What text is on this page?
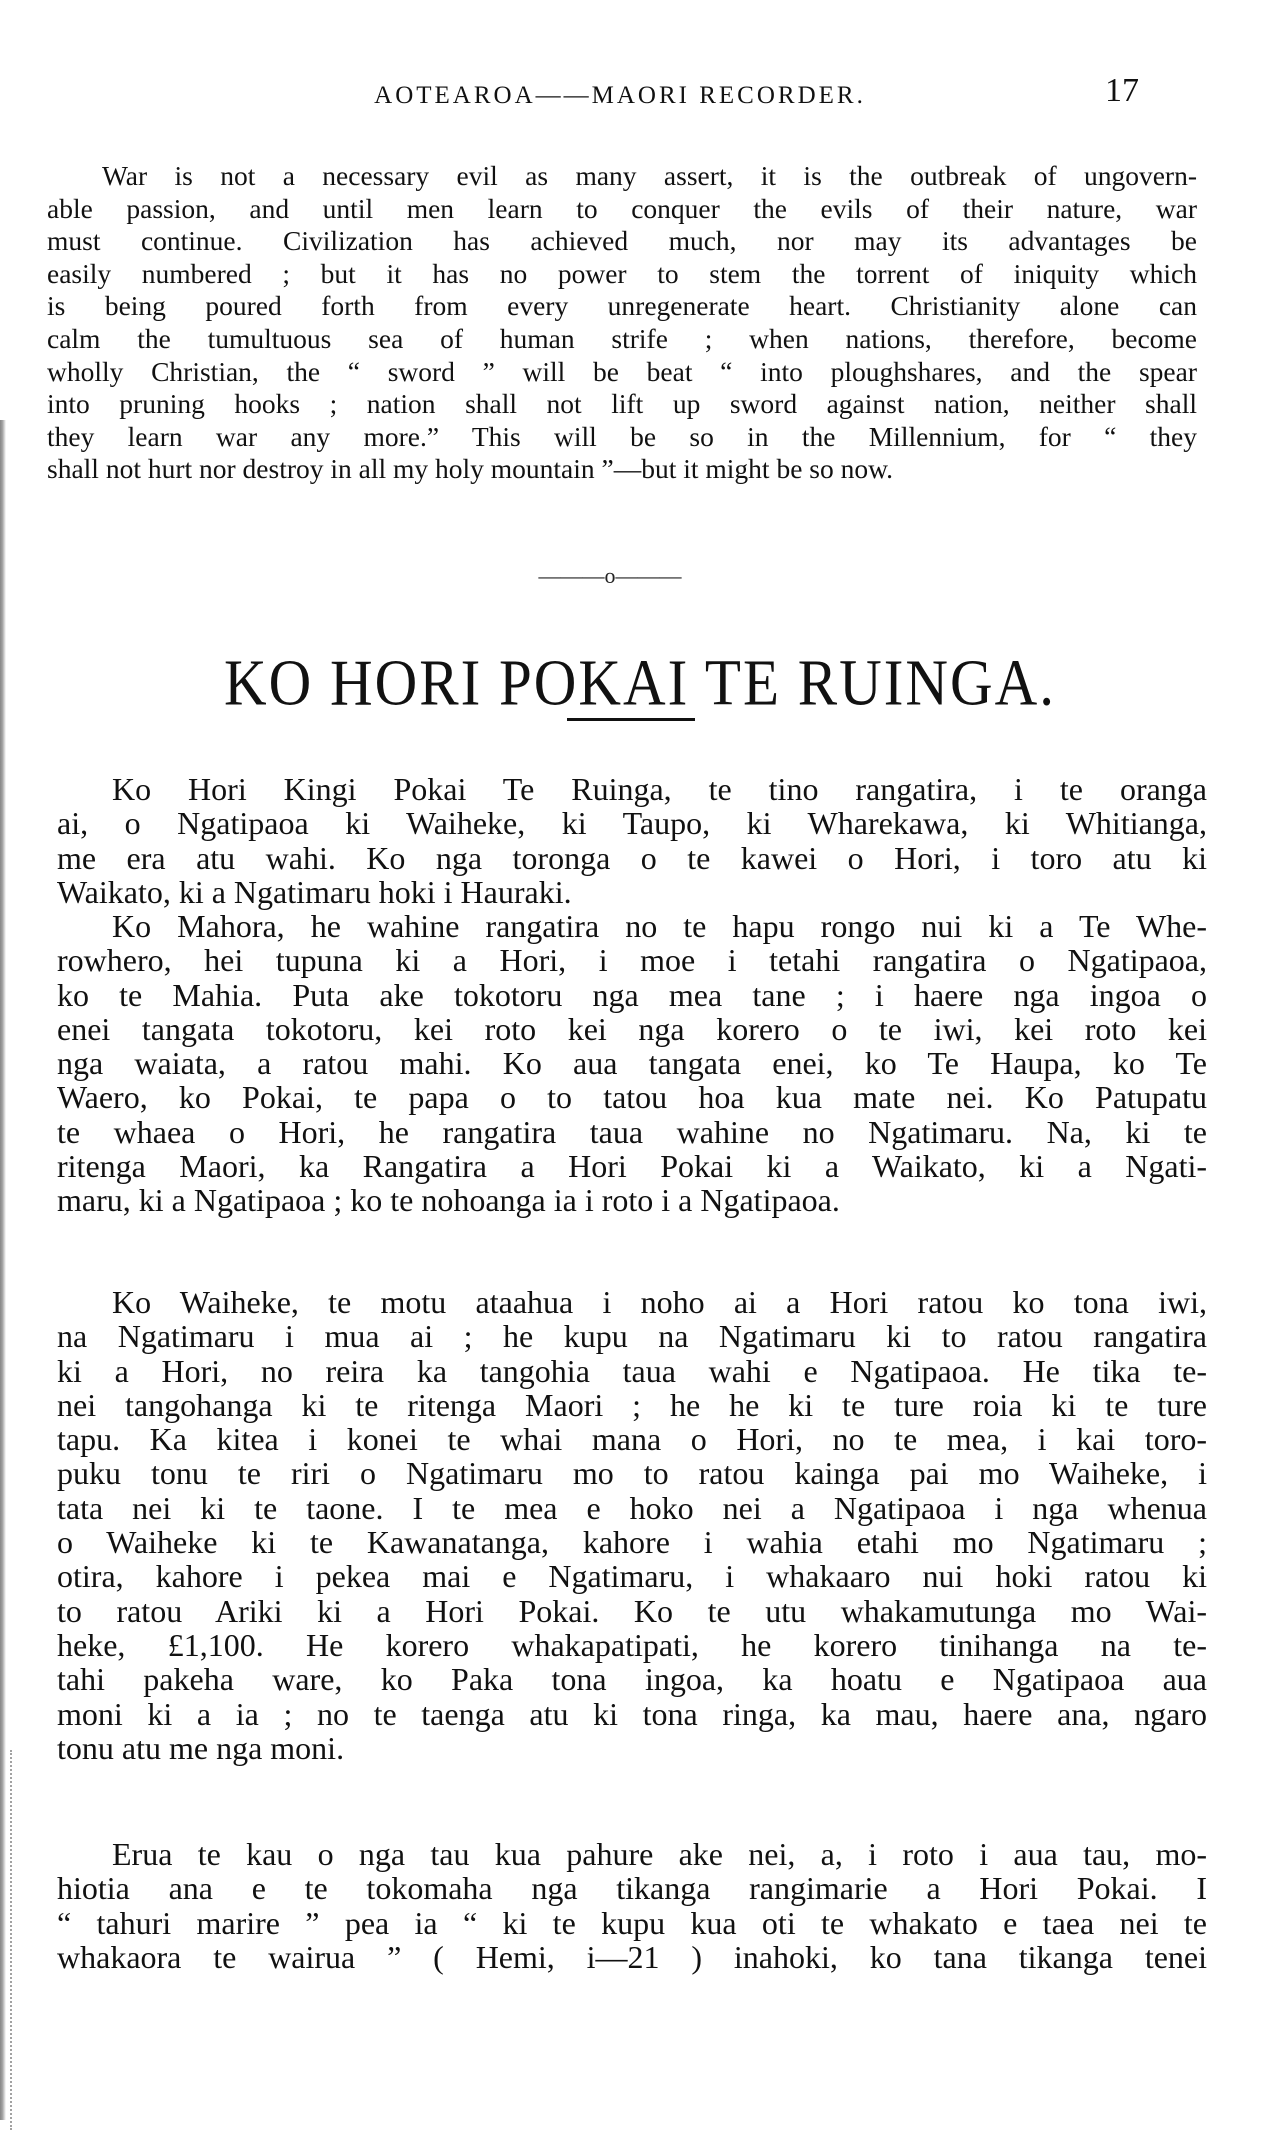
AOTEAROA——MAORI RECORDER.	17

War is not a necessary evil as many assert, it is the outbreak of ungovern-
able passion, and until men learn to conquer the evils of their nature, war
must continue. Civilization has achieved much, nor may its advantages be
easily numbered ; but it has no power to stem the torrent of iniquity which
is being poured forth from every unregenerate heart. Christianity alone can
calm the tumultuous sea of human strife ; when nations, therefore, become
wholly Christian, the “ sword ” will be beat “ into ploughshares, and the spear
into pruning hooks ; nation shall not lift up sword against nation, neither shall
they learn war any more.” This will be so in the Millennium, for “ they
shall not hurt nor destroy in all my holy mountain ”—but it might be so now.

———o———
KO HORI POKAI TE RUINGA.

Ko Hori Kingi Pokai Te Ruinga, te tino rangatira, i te oranga
ai, o Ngatipaoa ki Waiheke, ki Taupo, ki Wharekawa, ki Whitianga,
me era atu wahi. Ko nga toronga o te kawei o Hori, i toro atu ki
Waikato, ki a Ngatimaru hoki i Hauraki.

Ko Mahora, he wahine rangatira no te hapu rongo nui ki a Te Whe-
rowhero, hei tupuna ki a Hori, i moe i tetahi rangatira o Ngatipaoa,
ko te Mahia. Puta ake tokotoru nga mea tane ; i haere nga ingoa o
enei tangata tokotoru, kei roto kei nga korero o te iwi, kei roto kei
nga waiata, a ratou mahi. Ko aua tangata enei, ko Te Haupa, ko Te
Waero, ko Pokai, te papa o to tatou hoa kua mate nei. Ko Patupatu
te whaea o Hori, he rangatira taua wahine no Ngatimaru. Na, ki te
ritenga Maori, ka Rangatira a Hori Pokai ki a Waikato, ki a Ngati-
maru, ki a Ngatipaoa ; ko te nohoanga ia i roto i a Ngatipaoa.

Ko Waiheke, te motu ataahua i noho ai a Hori ratou ko tona iwi,
na Ngatimaru i mua ai ; he kupu na Ngatimaru ki to ratou rangatira
ki a Hori, no reira ka tangohia taua wahi e Ngatipaoa. He tika te-
nei tangohanga ki te ritenga Maori ; he he ki te ture roia ki te ture
tapu. Ka kitea i konei te whai mana o Hori, no te mea, i kai toro-
puku tonu te riri o Ngatimaru mo to ratou kainga pai mo Waiheke, i
tata nei ki te taone. I te mea e hoko nei a Ngatipaoa i nga whenua
o Waiheke ki te Kawanatanga, kahore i wahia etahi mo Ngatimaru ;
otira, kahore i pekea mai e Ngatimaru, i whakaaro nui hoki ratou ki
to ratou Ariki ki a Hori Pokai. Ko te utu whakamutunga mo Wai-
heke, £1,100. He korero whakapatipati, he korero tinihanga na te-
tahi pakeha ware, ko Paka tona ingoa, ka hoatu e Ngatipaoa aua
moni ki a ia ; no te taenga atu ki tona ringa, ka mau, haere ana, ngaro
tonu atu me nga moni.

Erua te kau o nga tau kua pahure ake nei, a, i roto i aua tau, mo-
hiotia ana e te tokomaha nga tikanga rangimarie a Hori Pokai. I
“ tahuri marire ” pea ia “ ki te kupu kua oti te whakato e taea nei te
whakaora te wairua ” ( Hemi, i—21 ) inahoki, ko tana tikanga tenei
